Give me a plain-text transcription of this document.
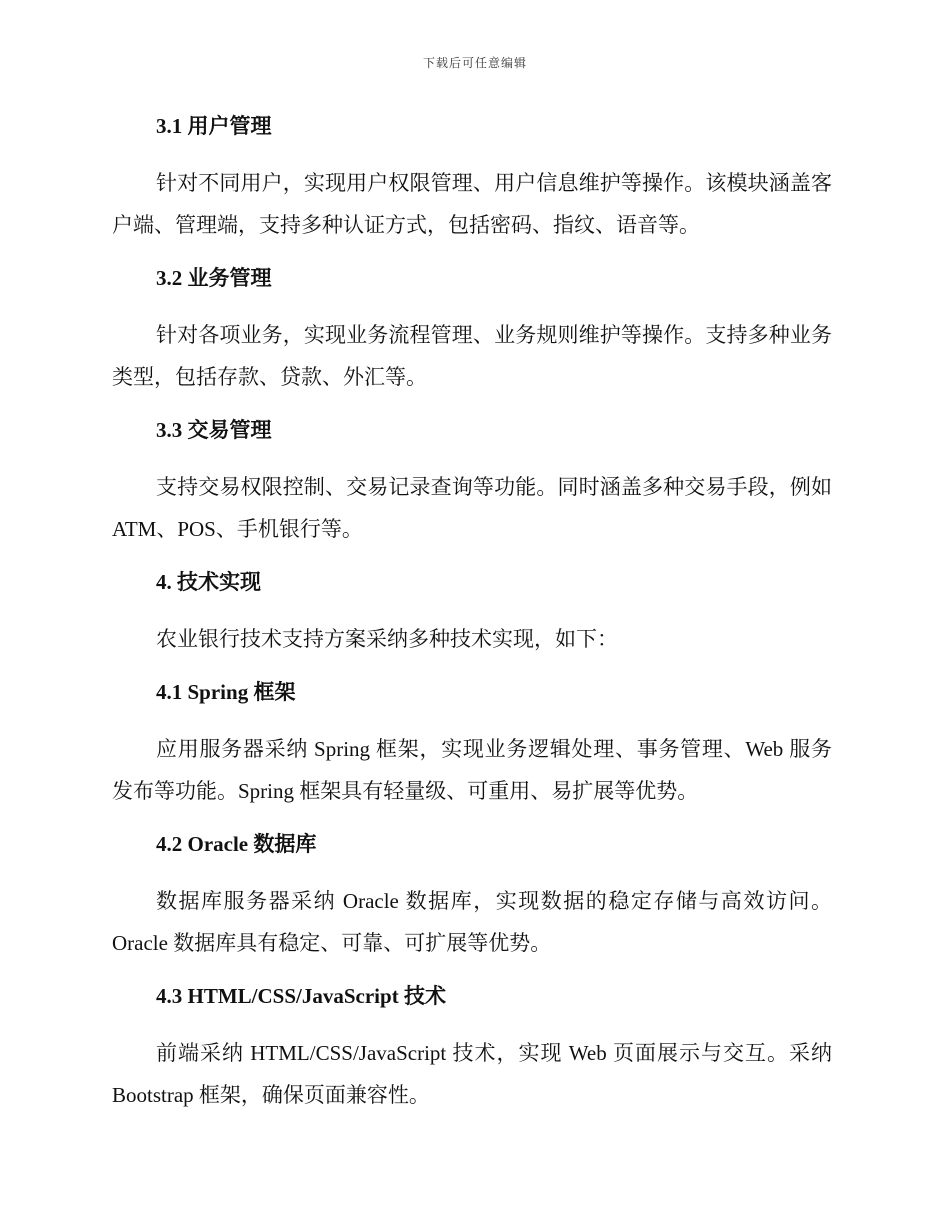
下载后可任意编辑
3.1 用户管理

针对不同用户，实现用户权限管理、用户信息维护等操作。该模块涵盖客户端、管理端，支持多种认证方式，包括密码、指纹、语音等。

3.2 业务管理

针对各项业务，实现业务流程管理、业务规则维护等操作。支持多种业务类型，包括存款、贷款、外汇等。

3.3 交易管理

支持交易权限控制、交易记录查询等功能。同时涵盖多种交易手段，例如 ATM、POS、手机银行等。

4. 技术实现

农业银行技术支持方案采纳多种技术实现，如下：

4.1 Spring 框架

应用服务器采纳 Spring 框架，实现业务逻辑处理、事务管理、Web 服务发布等功能。Spring 框架具有轻量级、可重用、易扩展等优势。

4.2 Oracle 数据库

数据库服务器采纳 Oracle 数据库，实现数据的稳定存储与高效访问。Oracle 数据库具有稳定、可靠、可扩展等优势。

4.3 HTML/CSS/JavaScript 技术

前端采纳 HTML/CSS/JavaScript 技术，实现 Web 页面展示与交互。采纳 Bootstrap 框架，确保页面兼容性。
